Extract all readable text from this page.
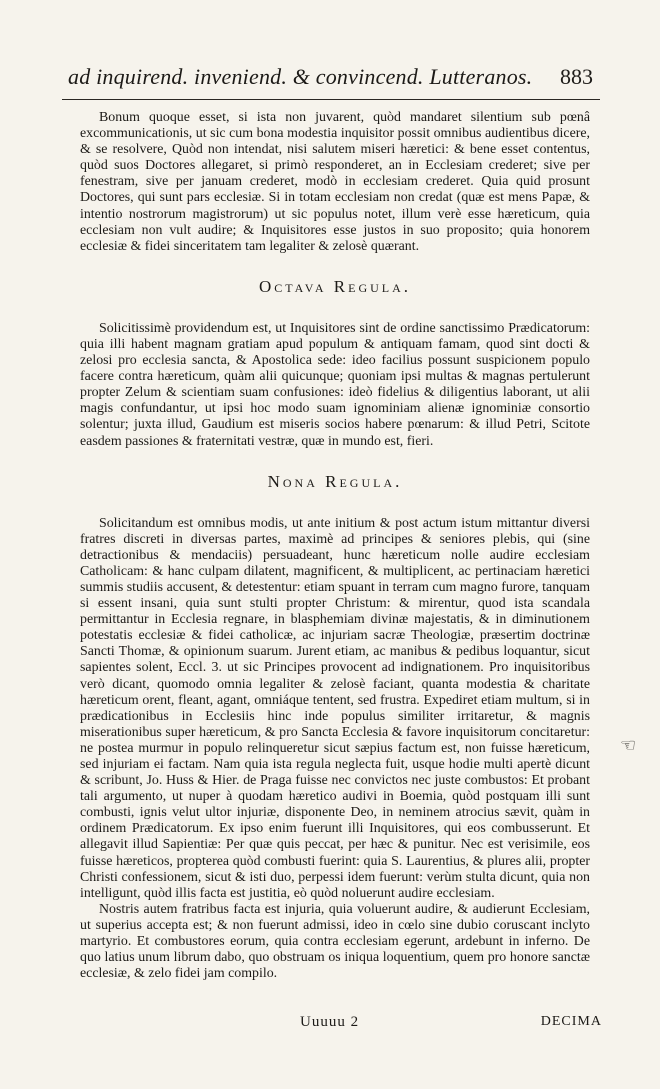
ad inquirend. inveniend. & convincend. Lutteranos. 883

Bonum quoque esset, si ista non juvarent, quòd mandaret silentium sub pœnâ excommunicationis, ut sic cum bona modestia inquisitor possit omnibus audientibus dicere, & se resolvere, Quòd non intendat, nisi salutem miseri hæretici: & bene esset contentus, quòd suos Doctores allegaret, si primò responderet, an in Ecclesiam crederet; sive per fenestram, sive per januam crederet, modò in ecclesiam crederet. Quia quid prosunt Doctores, qui sunt pars ecclesiæ. Si in totam ecclesiam non credat (quæ est mens Papæ, & intentio nostrorum magistrorum) ut sic populus notet, illum verè esse hæreticum, quia ecclesiam non vult audire; & Inquisitores esse justos in suo proposito; quia honorem ecclesiæ & fidei sinceritatem tam legaliter & zelosè quærant.

Octava Regula.

Solicitissimè providendum est, ut Inquisitores sint de ordine sanctissimo Prædicatorum: quia illi habent magnam gratiam apud populum & antiquam famam, quod sint docti & zelosi pro ecclesia sancta, & Apostolica sede: ideo facilius possunt suspicionem populo facere contra hæreticum, quàm alii quicunque; quoniam ipsi multas & magnas pertulerunt propter Zelum & scientiam suam confusiones: ideò fidelius & diligentius laborant, ut alii magis confundantur, ut ipsi hoc modo suam ignominiam alienæ ignominiæ consortio solentur; juxta illud, Gaudium est miseris socios habere pœnarum: & illud Petri, Scitote easdem passiones & fraternitati vestræ, quæ in mundo est, fieri.

Nona Regula.

Solicitandum est omnibus modis, ut ante initium & post actum istum mittantur diversi fratres discreti in diversas partes, maximè ad principes & seniores plebis, qui (sine detractionibus & mendaciis) persuadeant, hunc hæreticum nolle audire ecclesiam Catholicam: & hanc culpam dilatent, magnificent, & multiplicent, ac pertinaciam hæretici summis studiis accusent, & detestentur: etiam spuant in terram cum magno furore, tanquam si essent insani, quia sunt stulti propter Christum: & mirentur, quod ista scandala permittantur in Ecclesia regnare, in blasphemiam divinæ majestatis, & in diminutionem potestatis ecclesiæ & fidei catholicæ, ac injuriam sacræ Theologiæ, præsertim doctrinæ Sancti Thomæ, & opinionum suarum. Jurent etiam, ac manibus & pedibus loquantur, sicut sapientes solent, Eccl. 3. ut sic Principes provocent ad indignationem. Pro inquisitoribus verò dicant, quomodo omnia legaliter & zelosè faciant, quanta modestia & charitate hæreticum orent, fleant, agant, omniáque tentent, sed frustra. Expediret etiam multum, si in prædicationibus in Ecclesiis hinc inde populus similiter irritaretur, & magnis miserationibus super hæreticum, & pro Sancta Ecclesia & favore inquisitorum concitaretur: ne postea murmur in populo relinqueretur sicut sæpius factum est, non fuisse hæreticum, sed injuriam ei factam. Nam quia ista regula neglecta fuit, usque hodie multi apertè dicunt & scribunt, Jo. Huss & Hier. de Praga fuisse nec convictos nec juste combustos: Et probant tali argumento, ut nuper à quodam hæretico audivi in Boemia, quòd postquam illi sunt combusti, ignis velut ultor injuriæ, disponente Deo, in neminem atrocius sævit, quàm in ordinem Prædicatorum. Ex ipso enim fuerunt illi Inquisitores, qui eos combusserunt. Et allegavit illud Sapientiæ: Per quæ quis peccat, per hæc & punitur. Nec est verisimile, eos fuisse hæreticos, propterea quòd combusti fuerint: quia S. Laurentius, & plures alii, propter Christi confessionem, sicut & isti duo, perpessi idem fuerunt: verùm stulta dicunt, quia non intelligunt, quòd illis facta est justitia, eò quòd noluerunt audire ecclesiam.

Nostris autem fratribus facta est injuria, quia voluerunt audire, & audierunt Ecclesiam, ut superius accepta est; & non fuerunt admissi, ideo in cœlo sine dubio coruscant inclyto martyrio. Et combustores eorum, quia contra ecclesiam egerunt, ardebunt in inferno. De quo latius unum librum dabo, quo obstruam os iniqua loquentium, quem pro honore sanctæ ecclesiæ, & zelo fidei jam compilo.

☜
Uuuuu 2	DECIMA
